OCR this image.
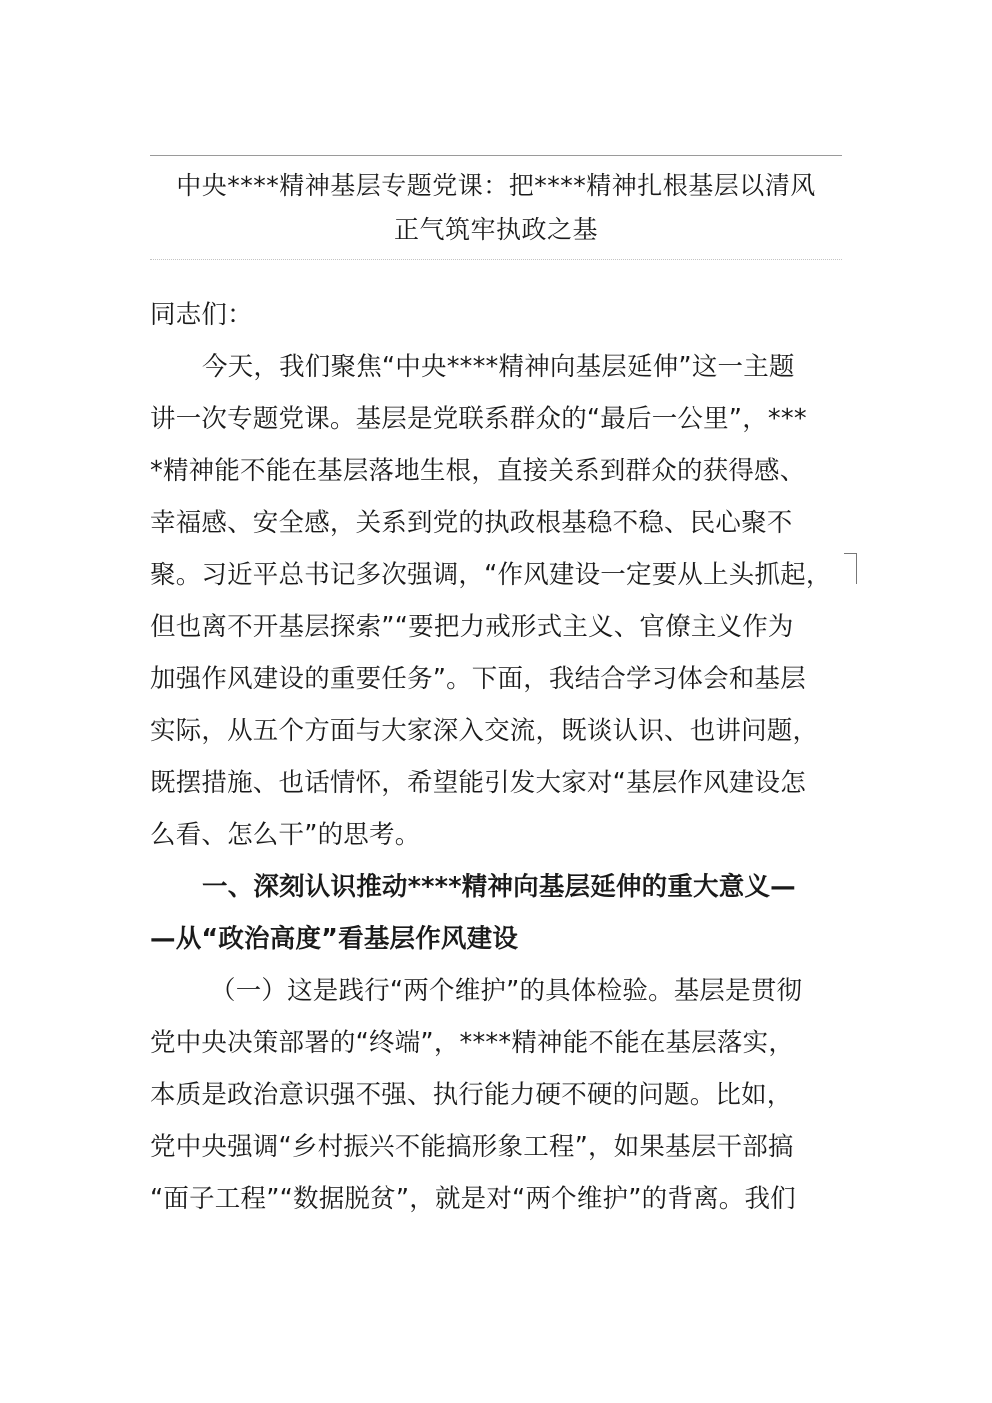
中央****精神基层专题党课：把****精神扎根基层以清风
正气筑牢执政之基
同志们：
今天，我们聚焦“中央****精神向基层延伸”这一主题
讲一次专题党课。基层是党联系群众的“最后一公里”，***
*精神能不能在基层落地生根，直接关系到群众的获得感、
幸福感、安全感，关系到党的执政根基稳不稳、民心聚不
聚。习近平总书记多次强调，“作风建设一定要从上头抓起，
但也离不开基层探索”“要把力戒形式主义、官僚主义作为
加强作风建设的重要任务”。下面，我结合学习体会和基层
实际，从五个方面与大家深入交流，既谈认识、也讲问题，
既摆措施、也话情怀，希望能引发大家对“基层作风建设怎
么看、怎么干”的思考。
一、深刻认识推动****精神向基层延伸的重大意义—
—从“政治高度”看基层作风建设
（一）这是践行“两个维护”的具体检验。基层是贯彻
党中央决策部署的“终端”，****精神能不能在基层落实，
本质是政治意识强不强、执行能力硬不硬的问题。比如，
党中央强调“乡村振兴不能搞形象工程”，如果基层干部搞
“面子工程”“数据脱贫”，就是对“两个维护”的背离。我们
